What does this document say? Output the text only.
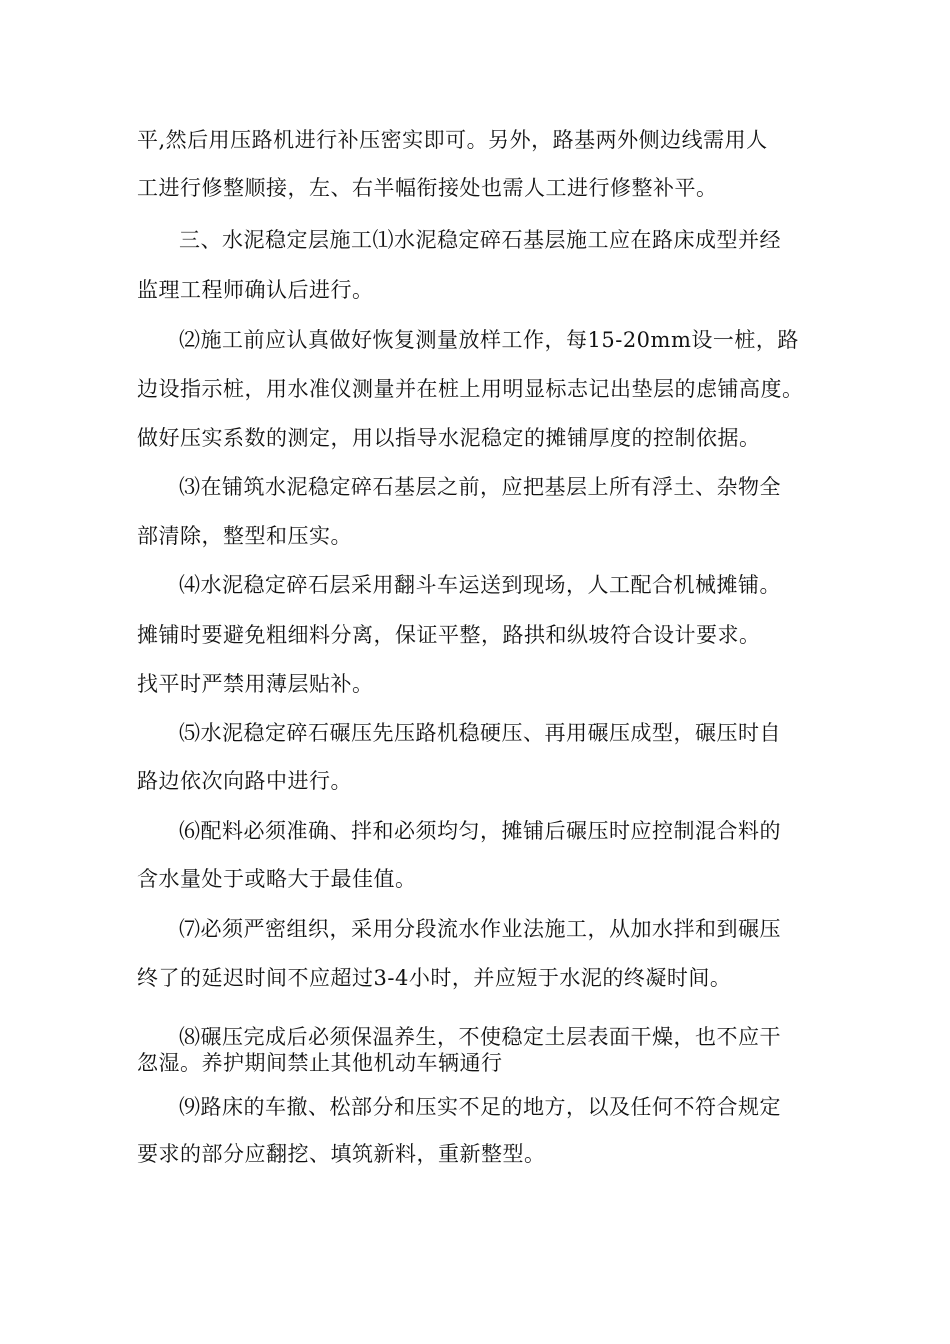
平,然后用压路机进行补压密实即可。另外，路基两外侧边线需用人
工进行修整顺接，左、右半幅衔接处也需人工进行修整补平。
三、水泥稳定层施工⑴水泥稳定碎石基层施工应在路床成型并经
监理工程师确认后进行。
⑵施工前应认真做好恢复测量放样工作，每15-20mm设一桩，路
边设指示桩，用水准仪测量并在桩上用明显标志记出垫层的虑铺高度。
做好压实系数的测定，用以指导水泥稳定的摊铺厚度的控制依据。
⑶在铺筑水泥稳定碎石基层之前，应把基层上所有浮土、杂物全
部清除，整型和压实。
⑷水泥稳定碎石层采用翻斗车运送到现场，人工配合机械摊铺。
摊铺时要避免粗细料分离，保证平整，路拱和纵坡符合设计要求。
找平时严禁用薄层贴补。
⑸水泥稳定碎石碾压先压路机稳硬压、再用碾压成型，碾压时自
路边依次向路中进行。
⑹配料必须准确、拌和必须均匀，摊铺后碾压时应控制混合料的
含水量处于或略大于最佳值。
⑺必须严密组织，采用分段流水作业法施工，从加水拌和到碾压
终了的延迟时间不应超过3-4小时，并应短于水泥的终凝时间。
⑻碾压完成后必须保温养生，不使稳定土层表面干燥，也不应干
忽湿。养护期间禁止其他机动车辆通行
⑼路床的车撤、松部分和压实不足的地方，以及任何不符合规定
要求的部分应翻挖、填筑新料，重新整型。
